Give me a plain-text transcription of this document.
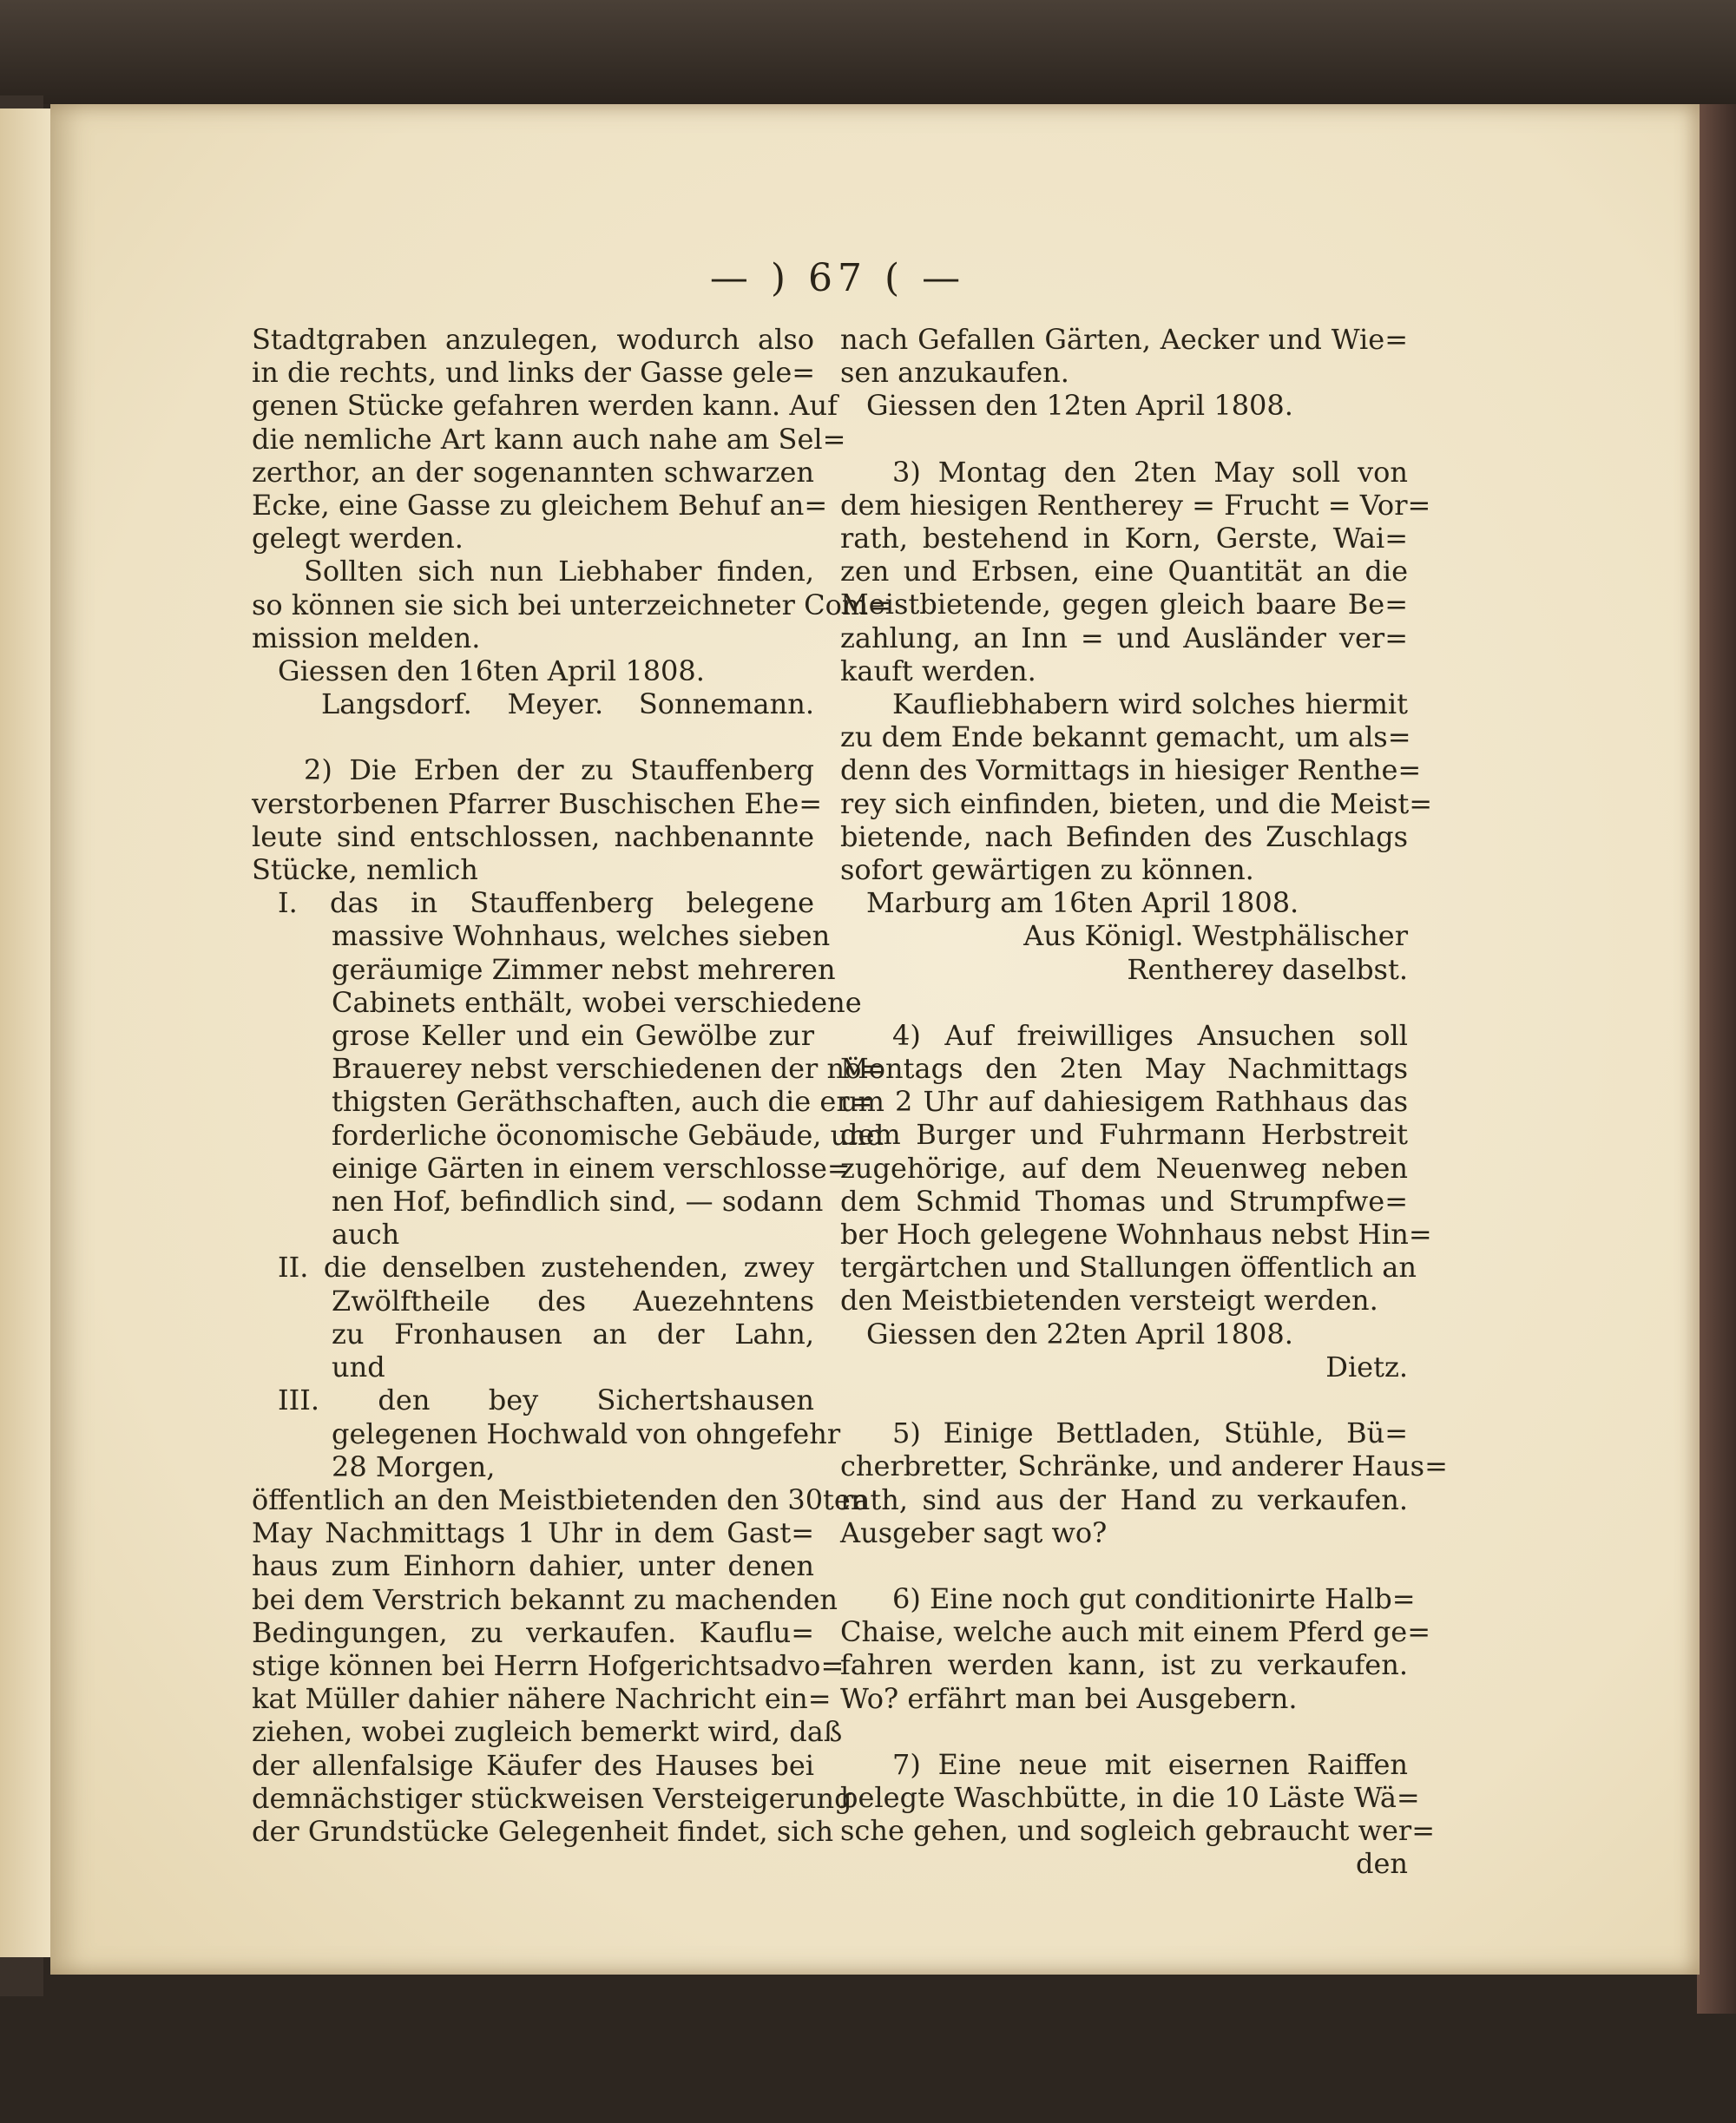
— ) 67 ( —
Stadtgraben anzulegen, wodurch also
in die rechts, und links der Gasse gele=
genen Stücke gefahren werden kann. Auf
die nemliche Art kann auch nahe am Sel=
zerthor, an der sogenannten schwarzen
Ecke, eine Gasse zu gleichem Behuf an=
gelegt werden.
Sollten sich nun Liebhaber finden,
so können sie sich bei unterzeichneter Com=
mission melden.
Giessen den 16ten April 1808.
Langsdorf. Meyer. Sonnemann.
2) Die Erben der zu Stauffenberg
verstorbenen Pfarrer Buschischen Ehe=
leute sind entschlossen, nachbenannte
Stücke, nemlich
I. das in Stauffenberg belegene
massive Wohnhaus, welches sieben
geräumige Zimmer nebst mehreren
Cabinets enthält, wobei verschiedene
grose Keller und ein Gewölbe zur
Brauerey nebst verschiedenen der nö=
thigsten Geräthschaften, auch die er=
forderliche öconomische Gebäude, und
einige Gärten in einem verschlosse=
nen Hof, befindlich sind, — sodann
auch
II. die denselben zustehenden, zwey
Zwölftheile des Auezehntens
zu Fronhausen an der Lahn,
und
III. den bey Sichertshausen
gelegenen Hochwald von ohngefehr
28 Morgen,
öffentlich an den Meistbietenden den 30ten
May Nachmittags 1 Uhr in dem Gast=
haus zum Einhorn dahier, unter denen
bei dem Verstrich bekannt zu machenden
Bedingungen, zu verkaufen. Kauflu=
stige können bei Herrn Hofgerichtsadvo=
kat Müller dahier nähere Nachricht ein=
ziehen, wobei zugleich bemerkt wird, daß
der allenfalsige Käufer des Hauses bei
demnächstiger stückweisen Versteigerung
der Grundstücke Gelegenheit findet, sich
nach Gefallen Gärten, Aecker und Wie=
sen anzukaufen.
Giessen den 12ten April 1808.
3) Montag den 2ten May soll von
dem hiesigen Rentherey = Frucht = Vor=
rath, bestehend in Korn, Gerste, Wai=
zen und Erbsen, eine Quantität an die
Meistbietende, gegen gleich baare Be=
zahlung, an Inn = und Ausländer ver=
kauft werden.
Kaufliebhabern wird solches hiermit
zu dem Ende bekannt gemacht, um als=
denn des Vormittags in hiesiger Renthe=
rey sich einfinden, bieten, und die Meist=
bietende, nach Befinden des Zuschlags
sofort gewärtigen zu können.
Marburg am 16ten April 1808.
Aus Königl. Westphälischer
Rentherey daselbst.
4) Auf freiwilliges Ansuchen soll
Montags den 2ten May Nachmittags
um 2 Uhr auf dahiesigem Rathhaus das
dem Burger und Fuhrmann Herbstreit
zugehörige, auf dem Neuenweg neben
dem Schmid Thomas und Strumpfwe=
ber Hoch gelegene Wohnhaus nebst Hin=
tergärtchen und Stallungen öffentlich an
den Meistbietenden versteigt werden.
Giessen den 22ten April 1808.
Dietz.
5) Einige Bettladen, Stühle, Bü=
cherbretter, Schränke, und anderer Haus=
rath, sind aus der Hand zu verkaufen.
Ausgeber sagt wo?
6) Eine noch gut conditionirte Halb=
Chaise, welche auch mit einem Pferd ge=
fahren werden kann, ist zu verkaufen.
Wo? erfährt man bei Ausgebern.
7) Eine neue mit eisernen Raiffen
belegte Waschbütte, in die 10 Läste Wä=
sche gehen, und sogleich gebraucht wer=
den
